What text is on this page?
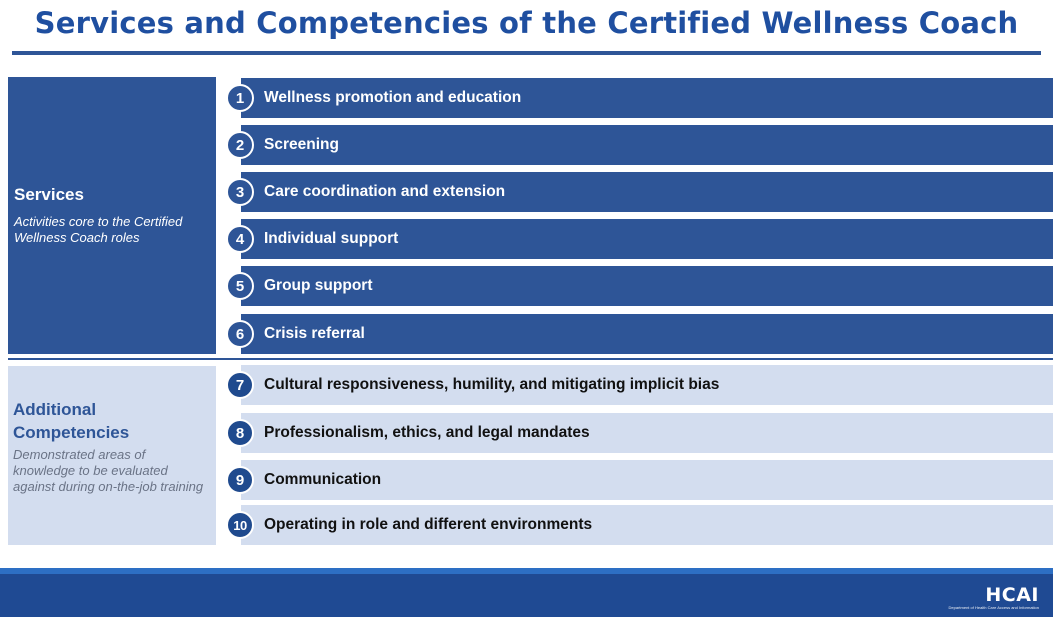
Services and Competencies of the Certified Wellness Coach
Services
Activities core to the Certified Wellness Coach roles
Wellness promotion and education
Screening
Care coordination and extension
Individual support
Group support
Crisis referral
1
2
3
4
5
6
Additional Competencies
Demonstrated areas of knowledge to be evaluated against during on-the-job training
Cultural responsiveness, humility, and mitigating implicit bias
Professionalism, ethics, and legal mandates
Communication
Operating in role and different environments
7
8
9
10
HCAI
Department of Health Care Access and Information
